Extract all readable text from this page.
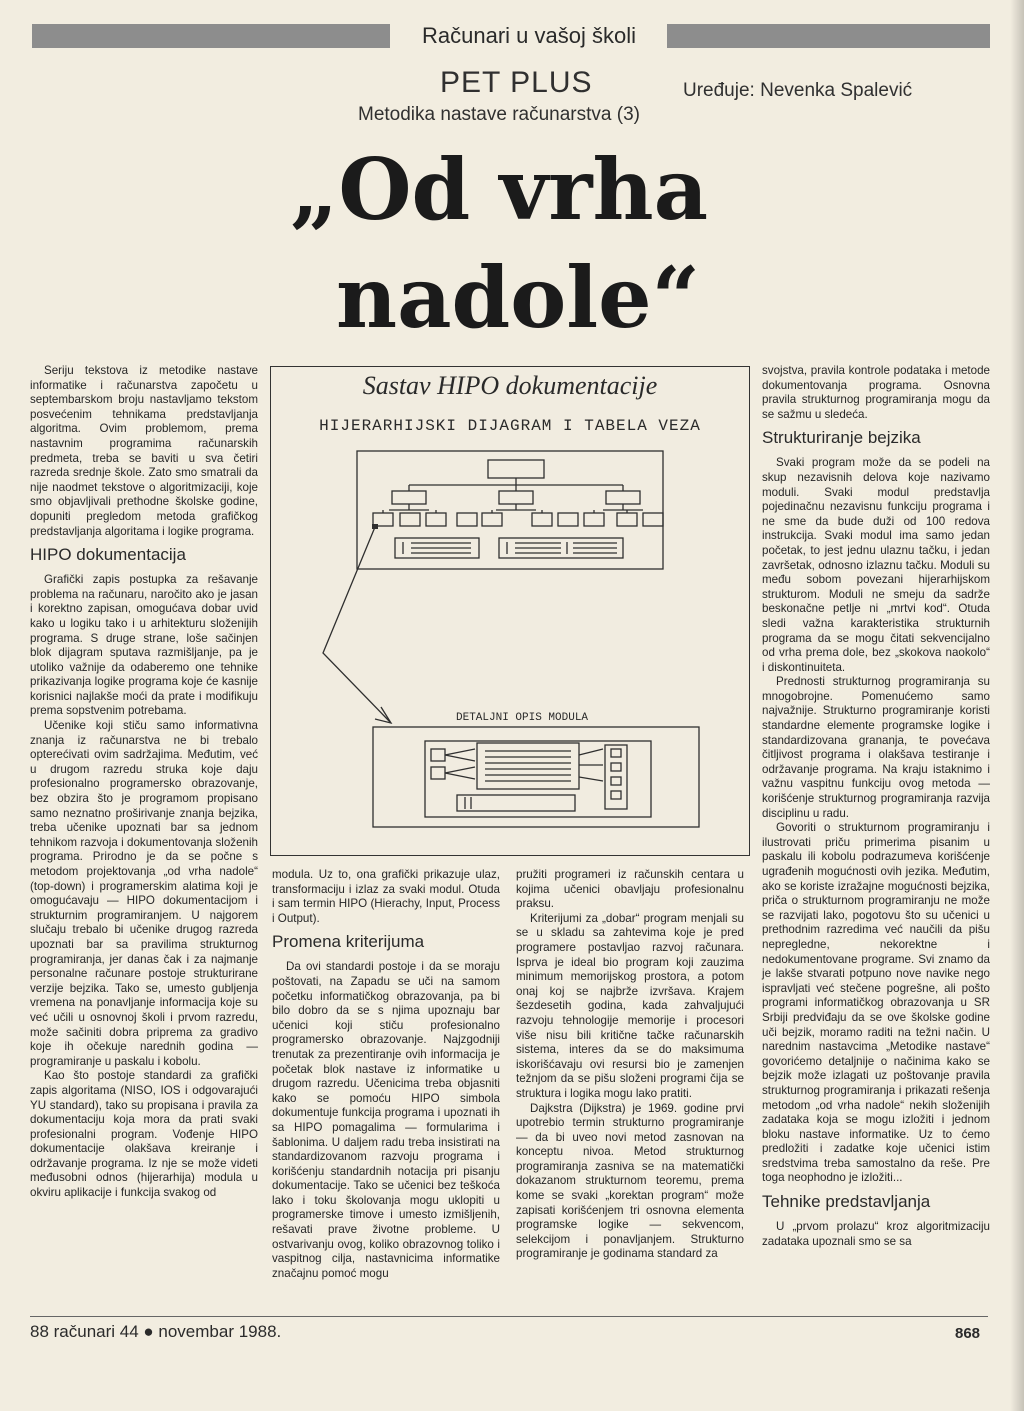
Računari u vašoj školi
PET PLUS
Metodika nastave računarstva (3)
Uređuje: Nevenka Spalević
„Od vrha
nadole“

Seriju tekstova iz metodike nastave informatike i računarstva započetu u septembarskom broju nastavljamo tekstom posvećenim tehnikama predstavljanja algoritma. Ovim problemom, prema nastavnim programima računarskih predmeta, treba se baviti u sva četiri razreda srednje škole. Zato smo smatrali da nije naodmet tekstove o algoritmizaciji, koje smo objavljivali prethodne školske godine, dopuniti pregledom metoda grafičkog predstavljanja algoritama i logike programa.

HIPO dokumentacija

Grafički zapis postupka za rešavanje problema na računaru, naročito ako je jasan i korektno zapisan, omogućava dobar uvid kako u logiku tako i u arhitekturu složenijih programa. S druge strane, loše sačinjen blok dijagram sputava razmišljanje, pa je utoliko važnije da odaberemo one tehnike prikazivanja logike programa koje će kasnije korisnici najlakše moći da prate i modifikuju prema sopstvenim potrebama.

Učenike koji stiču samo informativna znanja iz računarstva ne bi trebalo opterećivati ovim sadržajima. Međutim, već u drugom razredu struka koje daju profesionalno programersko obrazovanje, bez obzira što je programom propisano samo neznatno proširivanje znanja bejzika, treba učenike upoznati bar sa jednom tehnikom razvoja i dokumentovanja složenih programa. Prirodno je da se počne s metodom projektovanja „od vrha nadole“ (top-down) i programerskim alatima koji je omogućavaju — HIPO dokumentacijom i strukturnim programiranjem. U najgorem slučaju trebalo bi učenike drugog razreda upoznati bar sa pravilima strukturnog programiranja, jer danas čak i za najmanje personalne računare postoje strukturirane verzije bejzika. Tako se, umesto gubljenja vremena na ponavljanje informacija koje su već učili u osnovnoj školi i prvom razredu, može sačiniti dobra priprema za gradivo koje ih očekuje narednih godina — programiranje u paskalu i kobolu.

Kao što postoje standardi za grafički zapis algoritama (NISO, IOS i odgovarajući YU standard), tako su propisana i pravila za dokumentaciju koja mora da prati svaki profesionalni program. Vođenje HIPO dokumentacije olakšava kreiranje i održavanje programa. Iz nje se može videti međusobni odnos (hijerarhija) modula u okviru aplikacije i funkcija svakog od

Sastav HIPO dokumentacije
HIJERARHIJSKI DIJAGRAM I TABELA VEZA
DETALJNI OPIS MODULA

modula. Uz to, ona grafički prikazuje ulaz, transformaciju i izlaz za svaki modul. Otuda i sam termin HIPO (Hierachy, Input, Process i Output).

Promena kriterijuma

Da ovi standardi postoje i da se moraju poštovati, na Zapadu se uči na samom početku informatičkog obrazovanja, pa bi bilo dobro da se s njima upoznaju bar učenici koji stiču profesionalno programersko obrazovanje. Najzgodniji trenutak za prezentiranje ovih informacija je početak blok nastave iz informatike u drugom razredu. Učenicima treba objasniti kako se pomoću HIPO simbola dokumentuje funkcija programa i upoznati ih sa HIPO pomagalima — formularima i šablonima. U daljem radu treba insistirati na standardizovanom razvoju programa i korišćenju standardnih notacija pri pisanju dokumentacije. Tako se učenici bez teškoća lako i toku školovanja mogu uklopiti u programerske timove i umesto izmišljenih, rešavati prave životne probleme. U ostvarivanju ovog, koliko obrazovnog toliko i vaspitnog cilja, nastavnicima informatike značajnu pomoć mogu

pružiti programeri iz računskih centara u kojima učenici obavljaju profesionalnu praksu.

Kriterijumi za „dobar“ program menjali su se u skladu sa zahtevima koje je pred programere postavljao razvoj računara. Isprva je ideal bio program koji zauzima minimum memorijskog prostora, a potom onaj koj se najbrže izvršava. Krajem šezdesetih godina, kada zahvaljujući razvoju tehnologije memorije i procesori više nisu bili kritične tačke računarskih sistema, interes da se do maksimuma iskorišćavaju ovi resursi bio je zamenjen težnjom da se pišu složeni programi čija se struktura i logika mogu lako pratiti.

Dajkstra (Dijkstra) je 1969. godine prvi upotrebio termin strukturno programiranje — da bi uveo novi metod zasnovan na konceptu nivoa. Metod strukturnog programiranja zasniva se na matematički dokazanom strukturnom teoremu, prema kome se svaki „korektan program“ može zapisati korišćenjem tri osnovna elementa programske logike — sekvencom, selekcijom i ponavljanjem. Strukturno programiranje je godinama standard za

svojstva, pravila kontrole podataka i metode dokumentovanja programa. Osnovna pravila strukturnog programiranja mogu da se sažmu u sledeća.

Strukturiranje bejzika

Svaki program može da se podeli na skup nezavisnih delova koje nazivamo moduli. Svaki modul predstavlja pojedinačnu nezavisnu funkciju programa i ne sme da bude duži od 100 redova instrukcija. Svaki modul ima samo jedan početak, to jest jednu ulaznu tačku, i jedan završetak, odnosno izlaznu tačku. Moduli su među sobom povezani hijerarhijskom strukturom. Moduli ne smeju da sadrže beskonačne petlje ni „mrtvi kod“. Otuda sledi važna karakteristika strukturnih programa da se mogu čitati sekvencijalno od vrha prema dole, bez „skokova naokolo“ i diskontinuiteta.

Prednosti strukturnog programiranja su mnogobrojne. Pomenućemo samo najvažnije. Strukturno programiranje koristi standardne elemente programske logike i standardizovana grananja, te povećava čitljivost programa i olakšava testiranje i održavanje programa. Na kraju istaknimo i važnu vaspitnu funkciju ovog metoda — korišćenje strukturnog programiranja razvija disciplinu u radu.

Govoriti o strukturnom programiranju i ilustrovati priču primerima pisanim u paskalu ili kobolu podrazumeva korišćenje ugrađenih mogućnosti ovih jezika. Međutim, ako se koriste izražajne mogućnosti bejzika, priča o strukturnom programiranju ne može se razvijati lako, pogotovu što su učenici u prethodnim razredima već naučili da pišu nepregledne, nekorektne i nedokumentovane programe. Svi znamo da je lakše stvarati potpuno nove navike nego ispravljati već stečene pogrešne, ali pošto programi informatičkog obrazovanja u SR Srbiji predviđaju da se ove školske godine uči bejzik, moramo raditi na težni način. U narednim nastavcima „Metodike nastave“ govorićemo detaljnije o načinima kako se bejzik može izlagati uz poštovanje pravila strukturnog programiranja i prikazati rešenja metodom „od vrha nadole“ nekih složenijih zadataka koja se mogu izložiti i jednom bloku nastave informatike. Uz to ćemo predložiti i zadatke koje učenici istim sredstvima treba samostalno da reše. Pre toga neophodno je izložiti...

Tehnike predstavljanja

U „prvom prolazu“ kroz algoritmizaciju zadataka upoznali smo se sa

88 računari 44 ● novembar 1988.	868
